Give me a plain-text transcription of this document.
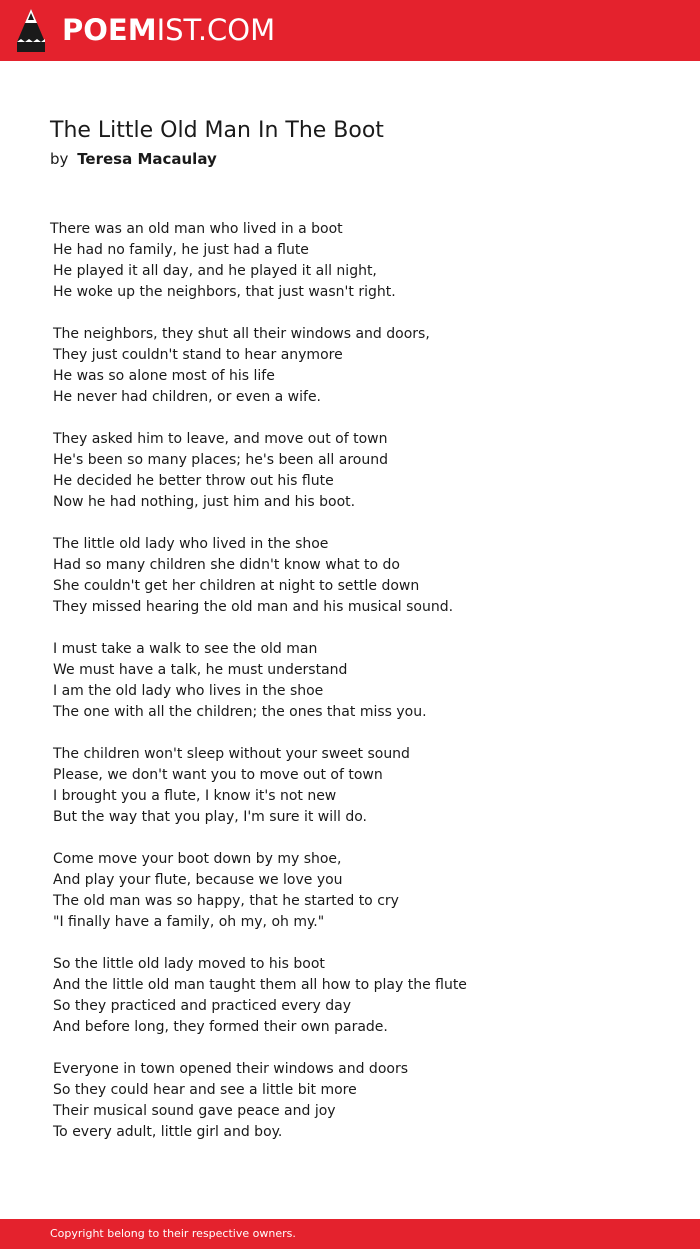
POEMIST.COM
The Little Old Man In The Boot
by Teresa Macaulay
There was an old man who lived in a boot
He had no family, he just had a flute
He played it all day, and he played it all night,
He woke up the neighbors, that just wasn't right.
The neighbors, they shut all their windows and doors,
They just couldn't stand to hear anymore
He was so alone most of his life
He never had children, or even a wife.
They asked him to leave, and move out of town
He's been so many places; he's been all around
He decided he better throw out his flute
Now he had nothing, just him and his boot.
The little old lady who lived in the shoe
Had so many children she didn't know what to do
She couldn't get her children at night to settle down
They missed hearing the old man and his musical sound.
I must take a walk to see the old man
We must have a talk, he must understand
I am the old lady who lives in the shoe
The one with all the children; the ones that miss you.
The children won't sleep without your sweet sound
Please, we don't want you to move out of town
I brought you a flute, I know it's not new
But the way that you play, I'm sure it will do.
Come move your boot down by my shoe,
And play your flute, because we love you
The old man was so happy, that he started to cry
"I finally have a family, oh my, oh my."
So the little old lady moved to his boot
And the little old man taught them all how to play the flute
So they practiced and practiced every day
And before long, they formed their own parade.
Everyone in town opened their windows and doors
So they could hear and see a little bit more
Their musical sound gave peace and joy
To every adult, little girl and boy.
Copyright belong to their respective owners.
